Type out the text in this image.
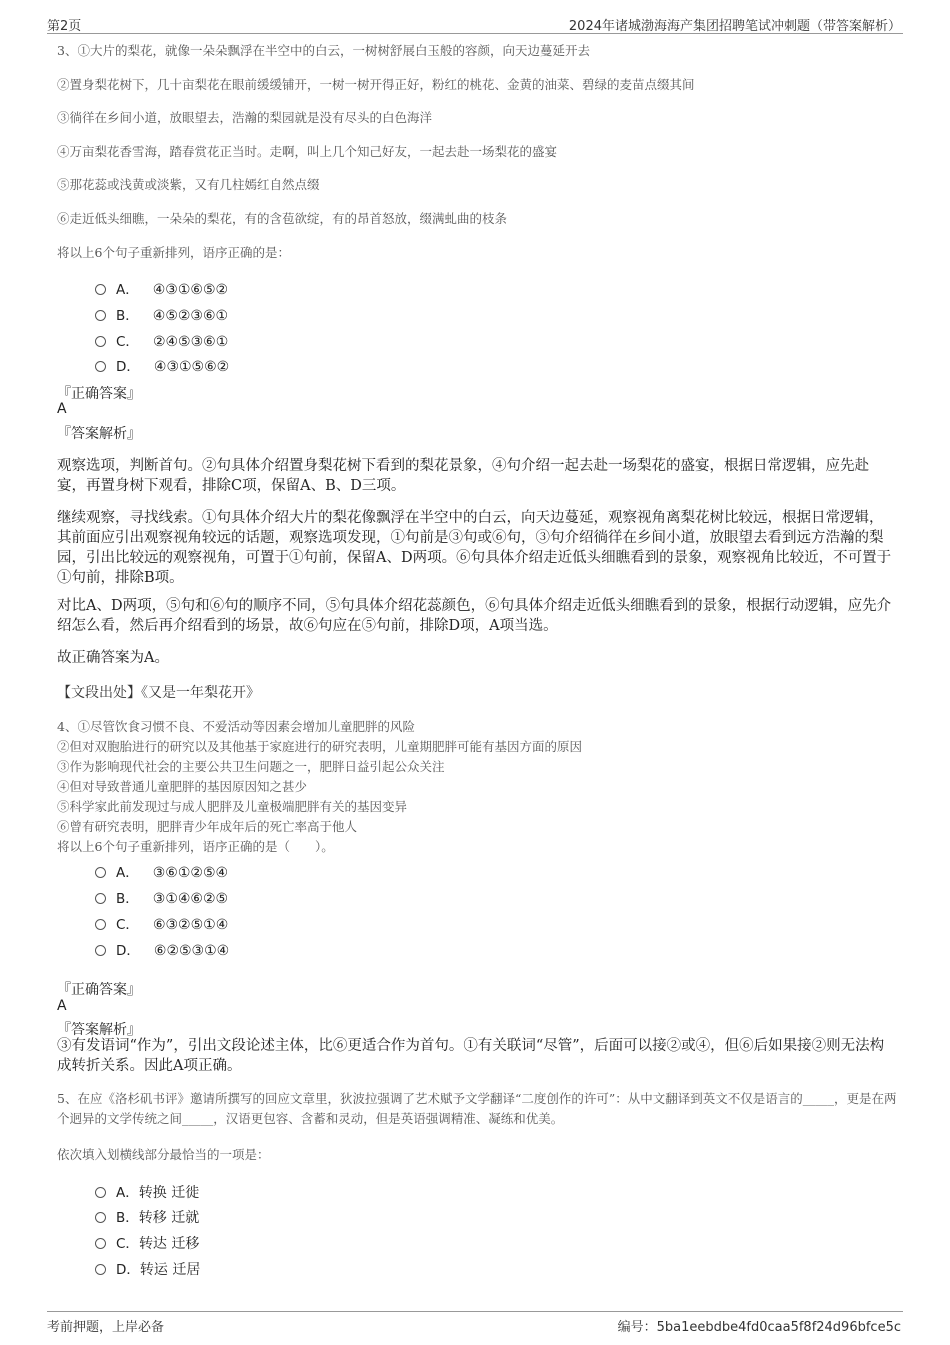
第2页	2024年诸城渤海海产集团招聘笔试冲刺题（带答案解析）
3、①大片的梨花，就像一朵朵飘浮在半空中的白云，一树树舒展白玉般的容颜，向天边蔓延开去
②置身梨花树下，几十亩梨花在眼前缓缓铺开，一树一树开得正好，粉红的桃花、金黄的油菜、碧绿的麦苗点缀其间
③徜徉在乡间小道，放眼望去，浩瀚的梨园就是没有尽头的白色海洋
④万亩梨花香雪海，踏春赏花正当时。走啊，叫上几个知己好友，一起去赴一场梨花的盛宴
⑤那花蕊或浅黄或淡紫，又有几柱嫣红自然点缀
⑥走近低头细瞧，一朵朵的梨花，有的含苞欲绽，有的昂首怒放，缀满虬曲的枝条
将以上6个句子重新排列，语序正确的是：
A． ④③①⑥⑤②
B． ④⑤②③⑥①
C． ②④⑤③⑥①
D． ④③①⑤⑥②
『正确答案』
A
『答案解析』
观察选项，判断首句。②句具体介绍置身梨花树下看到的梨花景象，④句介绍一起去赴一场梨花的盛宴，根据日常逻辑，应先赴宴，再置身树下观看，排除C项，保留A、B、D三项。
继续观察，寻找线索。①句具体介绍大片的梨花像飘浮在半空中的白云，向天边蔓延，观察视角离梨花树比较远，根据日常逻辑，其前面应引出观察视角较远的话题，观察选项发现，①句前是③句或⑥句，③句介绍徜徉在乡间小道，放眼望去看到远方浩瀚的梨园，引出比较远的观察视角，可置于①句前，保留A、D两项。⑥句具体介绍走近低头细瞧看到的景象，观察视角比较近，不可置于①句前，排除B项。
对比A、D两项，⑤句和⑥句的顺序不同，⑤句具体介绍花蕊颜色，⑥句具体介绍走近低头细瞧看到的景象，根据行动逻辑，应先介绍怎么看，然后再介绍看到的场景，故⑥句应在⑤句前，排除D项，A项当选。
故正确答案为A。
【文段出处】《又是一年梨花开》
4、①尽管饮食习惯不良、不爱活动等因素会增加儿童肥胖的风险
②但对双胞胎进行的研究以及其他基于家庭进行的研究表明，儿童期肥胖可能有基因方面的原因
③作为影响现代社会的主要公共卫生问题之一，肥胖日益引起公众关注
④但对导致普通儿童肥胖的基因原因知之甚少
⑤科学家此前发现过与成人肥胖及儿童极端肥胖有关的基因变异
⑥曾有研究表明，肥胖青少年成年后的死亡率高于他人
将以上6个句子重新排列，语序正确的是（　　）。
A． ③⑥①②⑤④
B． ③①④⑥②⑤
C． ⑥③②⑤①④
D． ⑥②⑤③①④
『正确答案』
A
『答案解析』
③有发语词“作为”，引出文段论述主体，比⑥更适合作为首句。①有关联词“尽管”，后面可以接②或④，但⑥后如果接②则无法构成转折关系。因此A项正确。
5、在应《洛杉矶书评》邀请所撰写的回应文章里，狄波拉强调了艺术赋予文学翻译“二度创作的许可”：从中文翻译到英文不仅是语言的_____，更是在两个迥异的文学传统之间_____，汉语更包容、含蓄和灵动，但是英语强调精准、凝练和优美。
依次填入划横线部分最恰当的一项是：
A．转换 迁徙
B．转移 迁就
C．转达 迁移
D．转运 迁居
考前押题，上岸必备	编号：5ba1eebdbe4fd0caa5f8f24d96bfce5c
